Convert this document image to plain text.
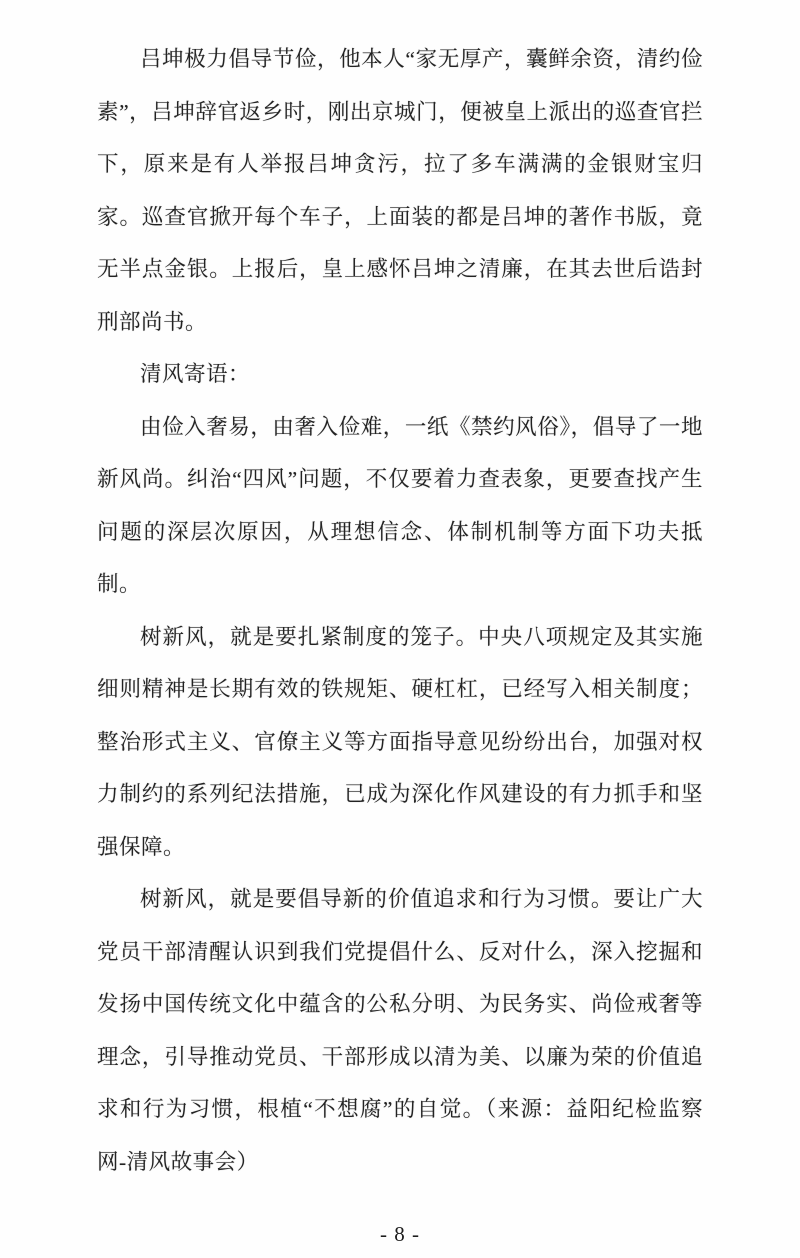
吕坤极力倡导节俭，他本人“家无厚产，囊鲜余资，清约俭素”，吕坤辞官返乡时，刚出京城门，便被皇上派出的巡查官拦下，原来是有人举报吕坤贪污，拉了多车满满的金银财宝归家。巡查官掀开每个车子，上面装的都是吕坤的著作书版，竟无半点金银。上报后，皇上感怀吕坤之清廉，在其去世后诰封刑部尚书。

清风寄语：

由俭入奢易，由奢入俭难，一纸《禁约风俗》，倡导了一地新风尚。纠治“四风”问题，不仅要着力查表象，更要查找产生问题的深层次原因，从理想信念、体制机制等方面下功夫抵制。

树新风，就是要扎紧制度的笼子。中央八项规定及其实施细则精神是长期有效的铁规矩、硬杠杠，已经写入相关制度；整治形式主义、官僚主义等方面指导意见纷纷出台，加强对权力制约的系列纪法措施，已成为深化作风建设的有力抓手和坚强保障。

树新风，就是要倡导新的价值追求和行为习惯。要让广大党员干部清醒认识到我们党提倡什么、反对什么，深入挖掘和发扬中国传统文化中蕴含的公私分明、为民务实、尚俭戒奢等理念，引导推动党员、干部形成以清为美、以廉为荣的价值追求和行为习惯，根植“不想腐”的自觉。（来源：益阳纪检监察网-清风故事会）

- 8 -
